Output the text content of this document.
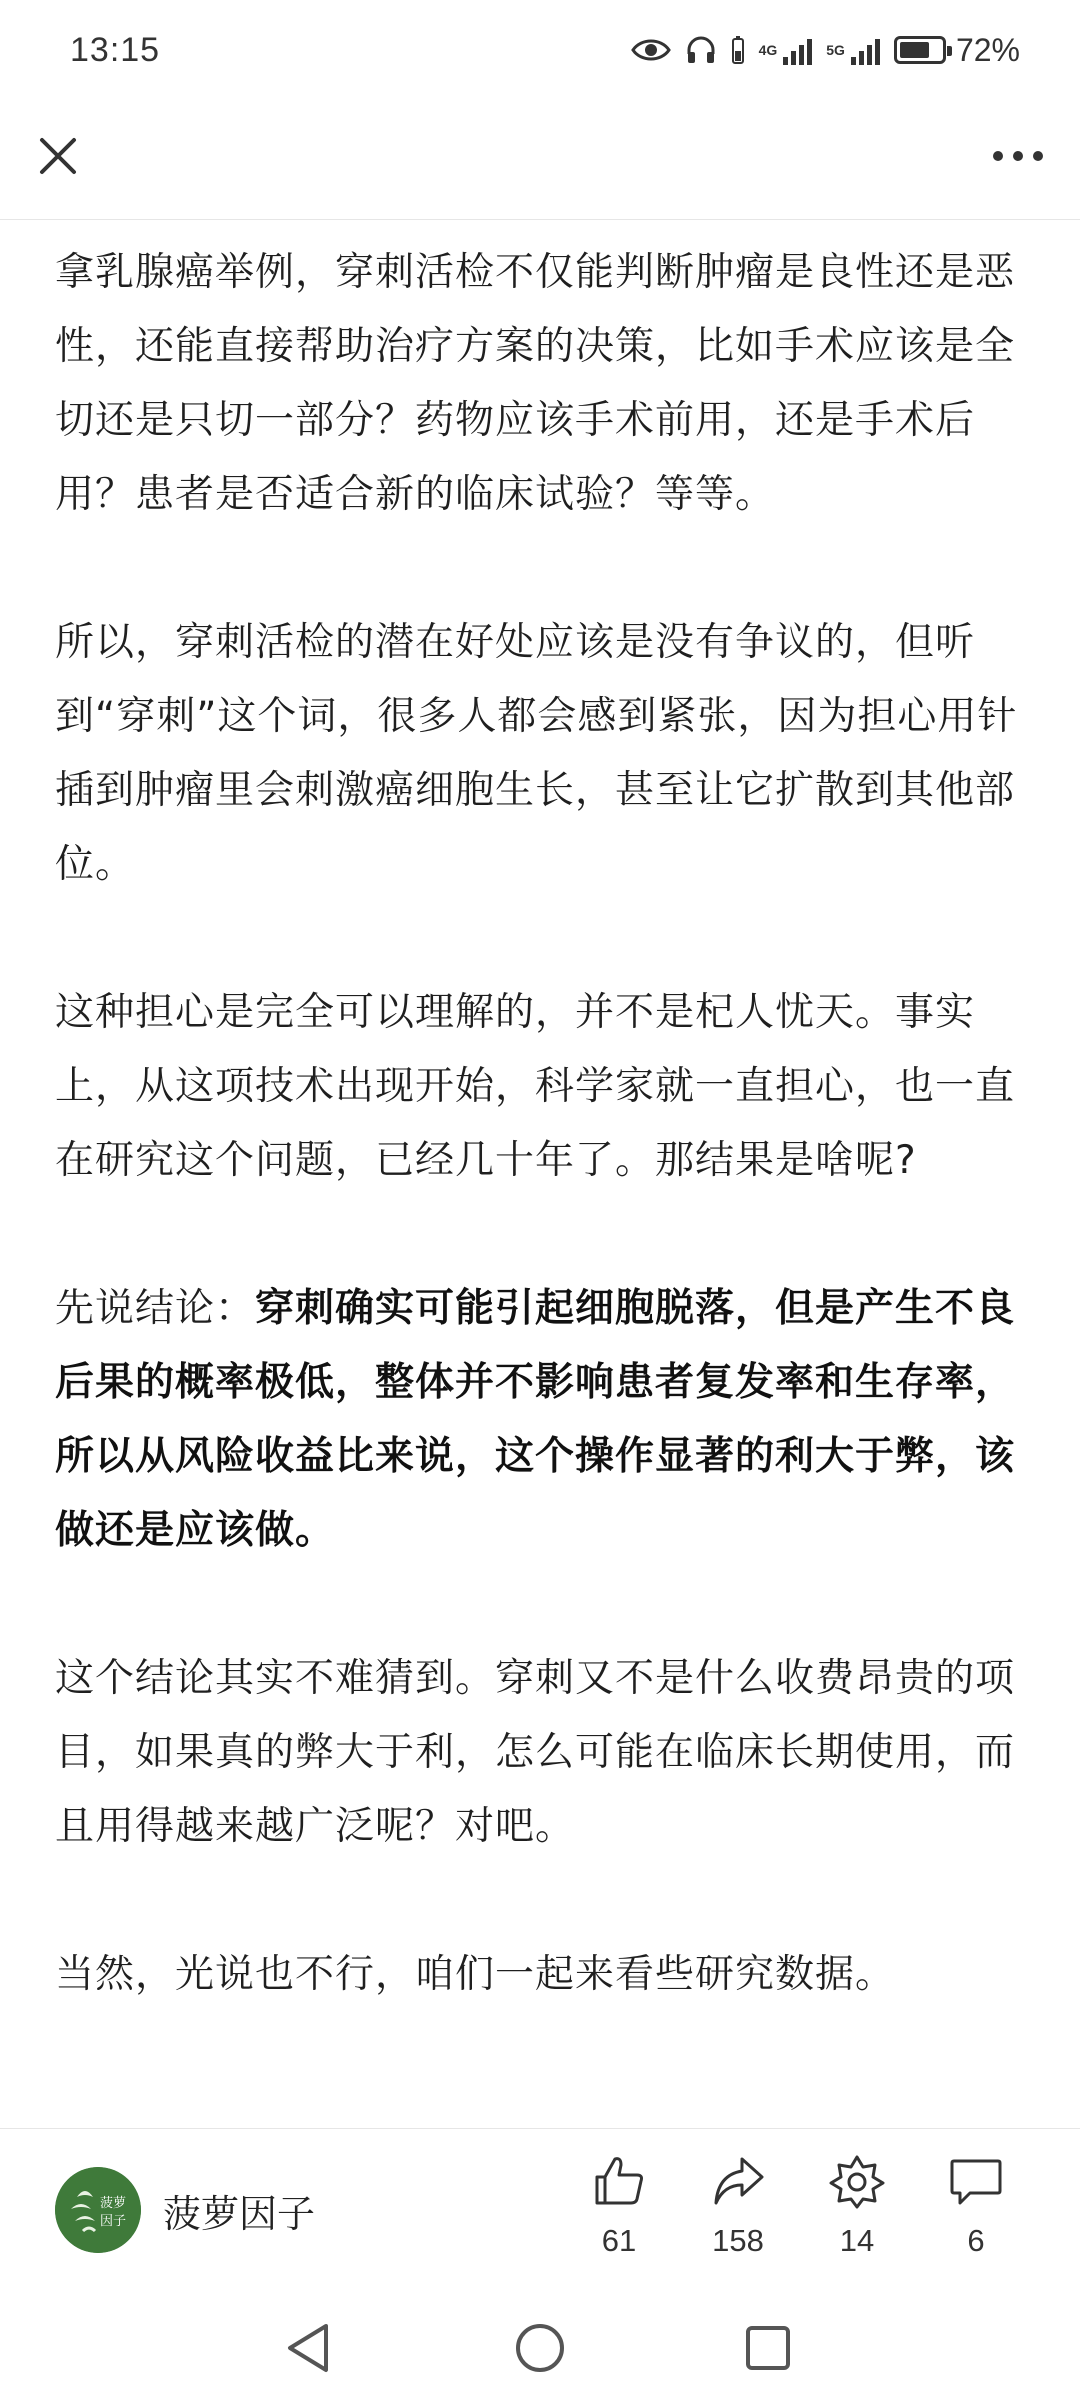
13:15	4G	5G	72%

拿乳腺癌举例，穿刺活检不仅能判断肿瘤是良性还是恶性，还能直接帮助治疗方案的决策，比如手术应该是全切还是只切一部分？药物应该手术前用，还是手术后用？患者是否适合新的临床试验？等等。

所以，穿刺活检的潜在好处应该是没有争议的，但听到“穿刺”这个词，很多人都会感到紧张，因为担心用针插到肿瘤里会刺激癌细胞生长，甚至让它扩散到其他部位。

这种担心是完全可以理解的，并不是杞人忧天。事实上，从这项技术出现开始，科学家就一直担心，也一直在研究这个问题，已经几十年了。那结果是啥呢?

先说结论：穿刺确实可能引起细胞脱落，但是产生不良后果的概率极低，整体并不影响患者复发率和生存率，所以从风险收益比来说，这个操作显著的利大于弊，该做还是应该做。

这个结论其实不难猜到。穿刺又不是什么收费昂贵的项目，如果真的弊大于利，怎么可能在临床长期使用，而且用得越来越广泛呢？对吧。

当然，光说也不行，咱们一起来看些研究数据。

菠萝
因子 菠萝因子
61	158	14	6
